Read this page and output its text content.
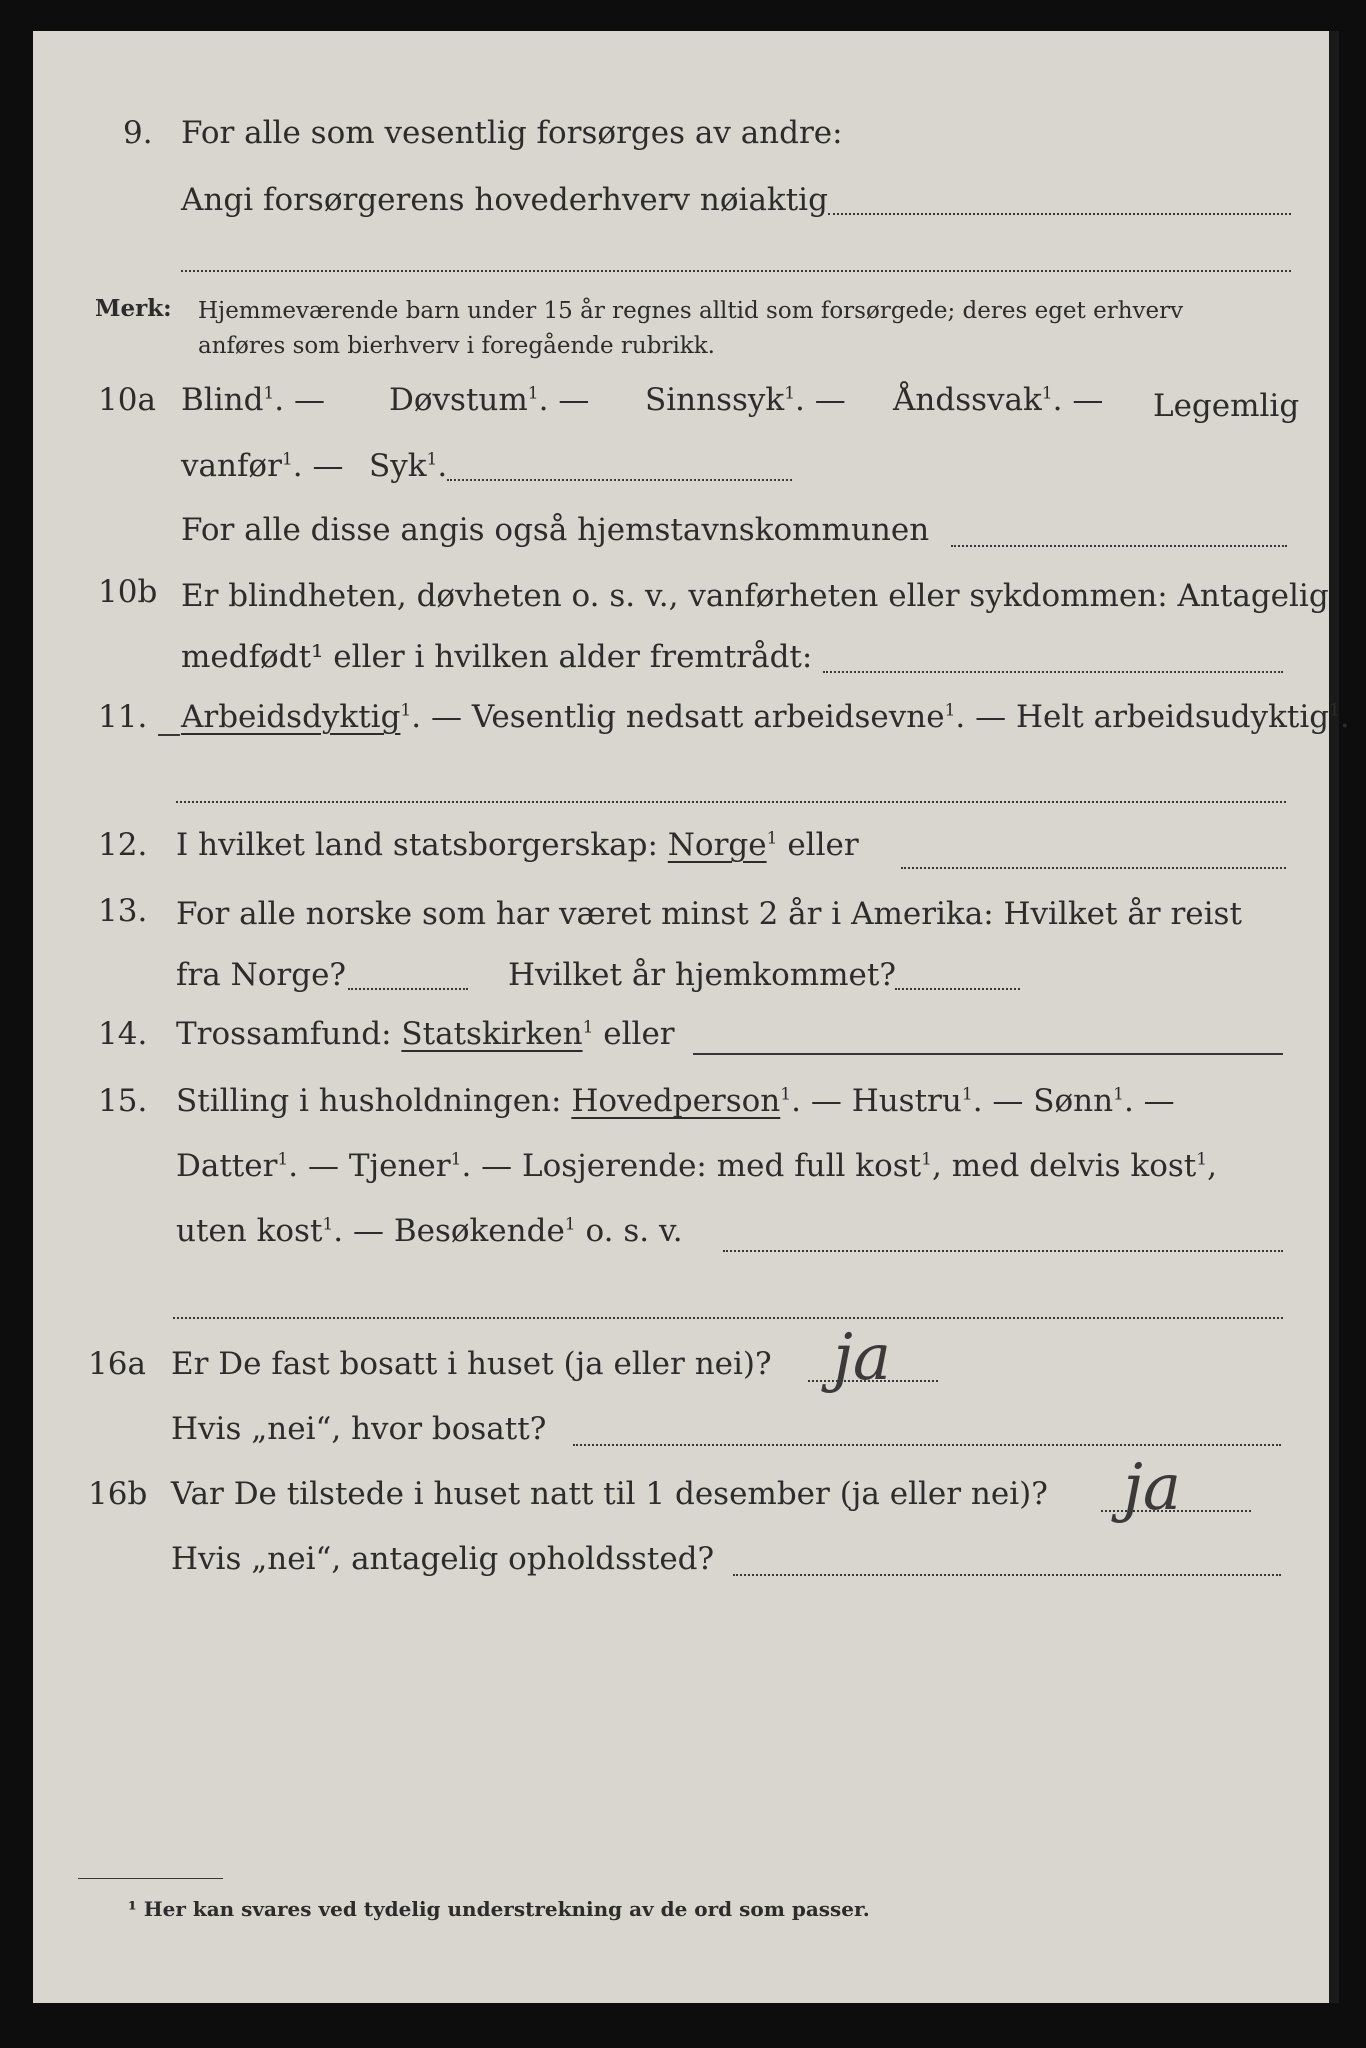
9. For alle som vesentlig forsørges av andre:
Angi forsørgerens hovederhverv nøiaktig
Merk: Hjemmeværende barn under 15 år regnes alltid som forsørgede; deres eget erhverv
anføres som bierhverv i foregående rubrikk.
10a Blind$^1$. — Døvstum$^1$. — Sinnssyk$^1$. — Åndssvak$^1$. — Legemlig
vanfør$^1$. — Syk$^1$.
For alle disse angis også hjemstavnskommunen
10b Er blindheten, døvheten o. s. v., vanførheten eller sykdommen: Antagelig
medfødt¹ eller i hvilken alder fremtrådt:
11. Arbeidsdyktig$^1$. — Vesentlig nedsatt arbeidsevne$^1$. — Helt arbeidsudyktig$^1$.
12. I hvilket land statsborgerskap: Norge$^1$ eller
13. For alle norske som har været minst 2 år i Amerika: Hvilket år reist
fra Norge?	Hvilket år hjemkommet?
14. Trossamfund: Statskirken$^1$ eller
15. Stilling i husholdningen: Hovedperson$^1$. — Hustru$^1$. — Sønn$^1$. —
Datter$^1$. — Tjener$^1$. — Losjerende: med full kost$^1$, med delvis kost$^1$,
uten kost$^1$. — Besøkende$^1$ o. s. v.
16a Er De fast bosatt i huset (ja eller nei)? ja
Hvis „nei“, hvor bosatt?
16b Var De tilstede i huset natt til 1 desember (ja eller nei)? ja
Hvis „nei“, antagelig opholdssted?
¹ Her kan svares ved tydelig understrekning av de ord som passer.
